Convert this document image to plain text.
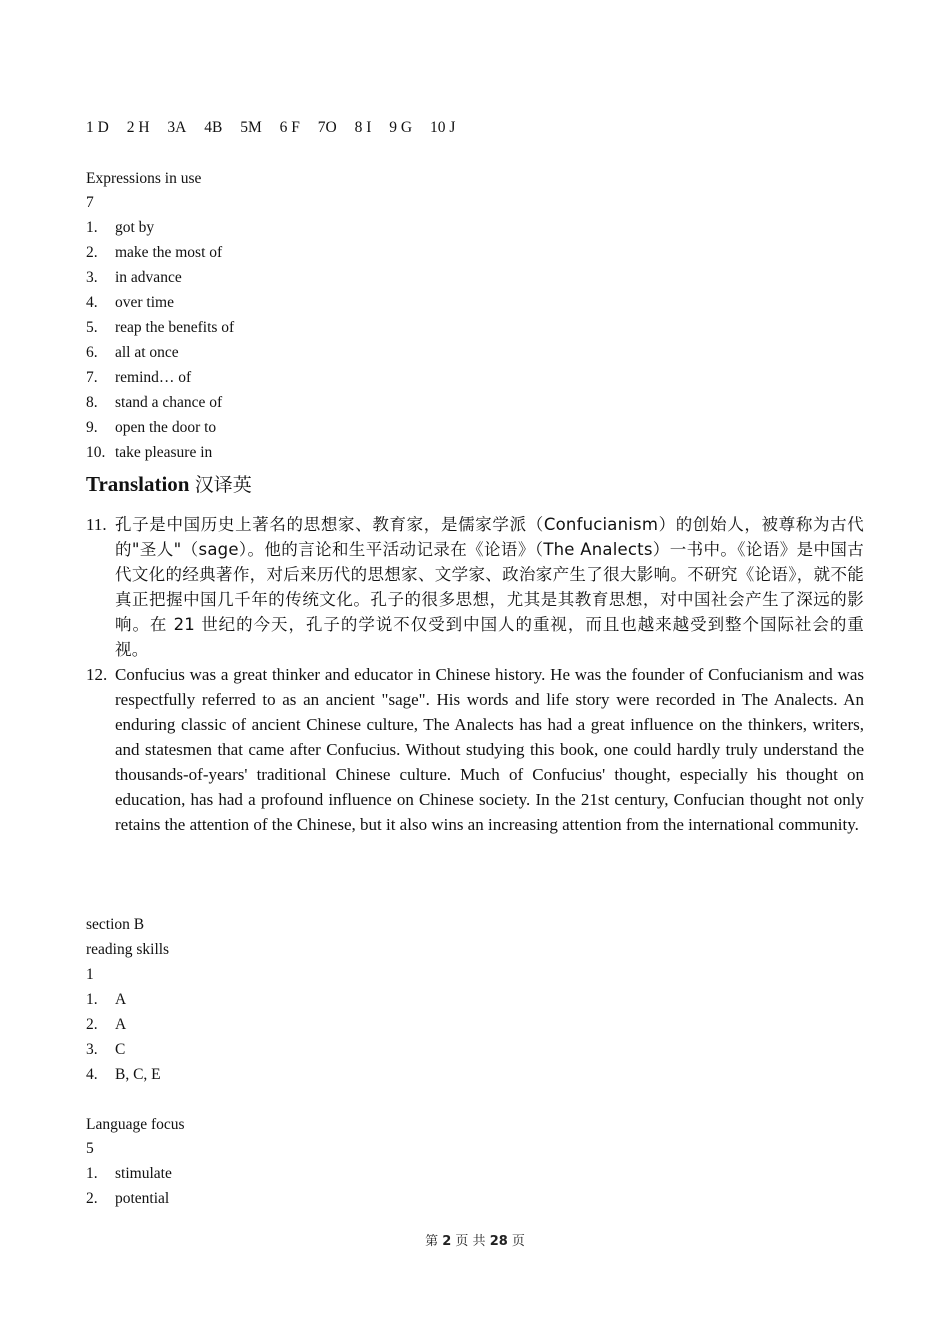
1 D 2 H 3A 4B 5M 6 F 7O 8 I 9 G 10 J
Expressions in use
7
1. got by
2. make the most of
3. in advance
4. over time
5. reap the benefits of
6. all at once
7. remind… of
8. stand a chance of
9. open the door to
10. take pleasure in
Translation 汉译英
11. 孔子是中国历史上著名的思想家、教育家，是儒家学派（Confucianism）的创始人，被尊称为古代的"圣人"（sage）。他的言论和生平活动记录在《论语》（The Analects）一书中。《论语》是中国古代文化的经典著作，对后来历代的思想家、文学家、政治家产生了很大影响。不研究《论语》，就不能真正把握中国几千年的传统文化。孔子的很多思想，尤其是其教育思想，对中国社会产生了深远的影响。在 21 世纪的今天，孔子的学说不仅受到中国人的重视，而且也越来越受到整个国际社会的重视。
12. Confucius was a great thinker and educator in Chinese history. He was the founder of Confucianism and was respectfully referred to as an ancient "sage". His words and life story were recorded in The Analects. An enduring classic of ancient Chinese culture, The Analects has had a great influence on the thinkers, writers, and statesmen that came after Confucius. Without studying this book, one could hardly truly understand the thousands-of-years' traditional Chinese culture. Much of Confucius' thought, especially his thought on education, has had a profound influence on Chinese society. In the 21st century, Confucian thought not only retains the attention of the Chinese, but it also wins an increasing attention from the international community.
section B
reading skills
1
1. A
2. A
3. C
4. B, C, E
Language focus
5
1. stimulate
2. potential
第 2 页 共 28 页
